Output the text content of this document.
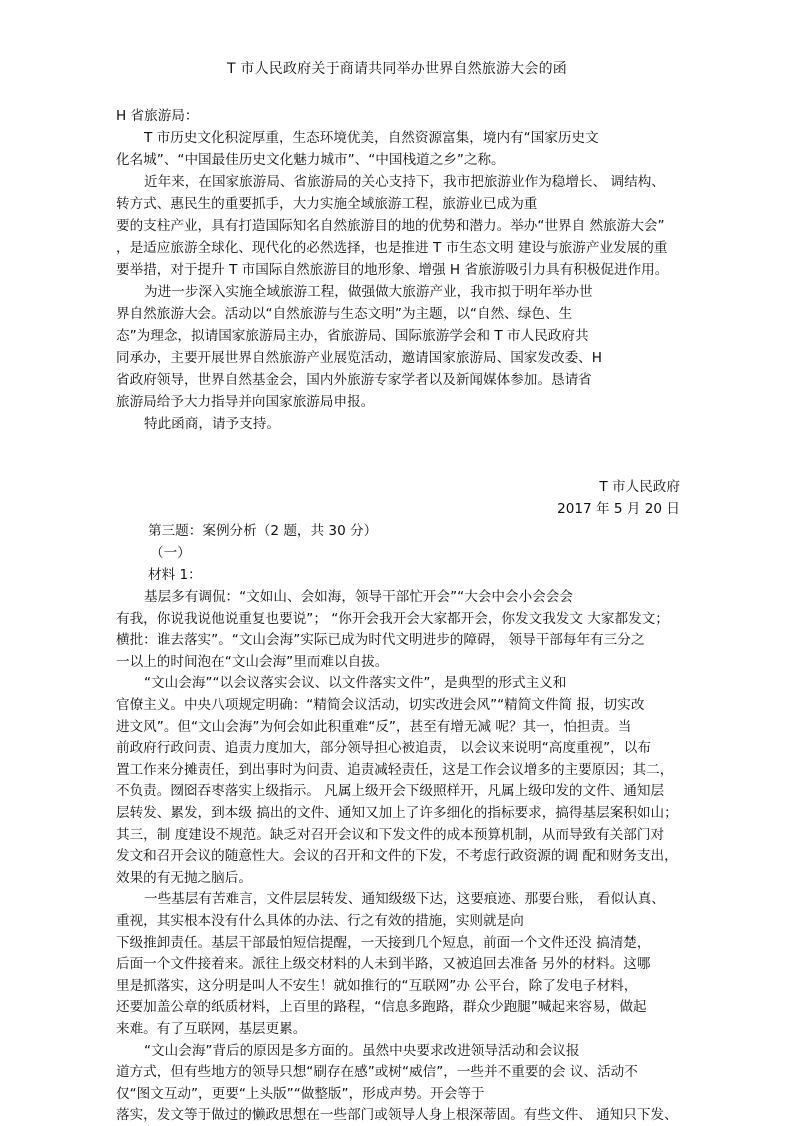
T 市人民政府关于商请共同举办世界自然旅游大会的函
H 省旅游局：
T 市历史文化积淀厚重，生态环境优美，自然资源富集，境内有“国家历史文
化名城”、“中国最佳历史文化魅力城市”、“中国栈道之乡”之称。
近年来，在国家旅游局、省旅游局的关心支持下，我市把旅游业作为稳增长、 调结构、
转方式、惠民生的重要抓手，大力实施全域旅游工程，旅游业已成为重
要的支柱产业，具有打造国际知名自然旅游目的地的优势和潜力。举办“世界自 然旅游大会”
，是适应旅游全球化、现代化的必然选择，也是推进 T 市生态文明 建设与旅游产业发展的重
要举措，对于提升 T 市国际自然旅游目的地形象、增强 H 省旅游吸引力具有积极促进作用。
为进一步深入实施全域旅游工程，做强做大旅游产业，我市拟于明年举办世
界自然旅游大会。活动以“自然旅游与生态文明”为主题，以“自然、绿色、生
态”为理念，拟请国家旅游局主办，省旅游局、国际旅游学会和 T 市人民政府共
同承办，主要开展世界自然旅游产业展览活动，邀请国家旅游局、国家发改委、H
省政府领导，世界自然基金会，国内外旅游专家学者以及新闻媒体参加。恳请省
旅游局给予大力指导并向国家旅游局申报。
特此函商，请予支持。
T 市人民政府
2017 年 5 月 20 日
第三题：案例分析（2 题，共 30 分）
（一）
材料 1：
基层多有调侃：“文如山、会如海，领导干部忙开会”“大会中会小会会会
有我，你说我说他说重复也要说”； “你开会我开会大家都开会，你发文我发文 大家都发文；
横批：谁去落实”。“文山会海”实际已成为时代文明进步的障碍， 领导干部每年有三分之
一以上的时间泡在“文山会海”里而难以自拔。
“文山会海”“以会议落实会议、以文件落实文件”，是典型的形式主义和
官僚主义。中央八项规定明确：“精简会议活动，切实改进会风”“精简文件简 报，切实改
进文风”。但“文山会海”为何会如此积重难“反”，甚至有增无减 呢？其一，怕担责。当
前政府行政问责、追责力度加大，部分领导担心被追责， 以会议来说明“高度重视”，以布
置工作来分摊责任，到出事时为问责、追责减轻责任，这是工作会议增多的主要原因；其二，
不负责。囫囵吞枣落实上级指示。 凡属上级开会下级照样开，凡属上级印发的文件、通知层
层转发、累发，到本级 搞出的文件、通知又加上了许多细化的指标要求，搞得基层案积如山；
其三，制 度建设不规范。缺乏对召开会议和下发文件的成本预算机制，从而导致有关部门对
发文和召开会议的随意性大。会议的召开和文件的下发，不考虑行政资源的调 配和财务支出，
效果的有无抛之脑后。
一些基层有苦难言，文件层层转发、通知级级下达，这要痕迹、那要台账， 看似认真、
重视，其实根本没有什么具体的办法、行之有效的措施，实则就是向
下级推卸责任。基层干部最怕短信提醒，一天接到几个短息，前面一个文件还没 搞清楚，
后面一个文件接着来。派往上级交材料的人未到半路，又被追回去准备 另外的材料。这哪
里是抓落实，这分明是叫人不安生！就如推行的“互联网”办 公平台，除了发电子材料，
还要加盖公章的纸质材料，上百里的路程，“信息多跑路，群众少跑腿”喊起来容易，做起
来难。有了互联网，基层更累。
“文山会海”背后的原因是多方面的。虽然中央要求改进领导活动和会议报
道方式，但有些地方的领导只想“刷存在感”或树“威信”，一些并不重要的会 议、活动不
仅“图文互动”，更要“上头版”“做整版”，形成声势。开会等于
落实，发文等于做过的懒政思想在一些部门或领导人身上根深蒂固。有些文件、 通知只下发、
